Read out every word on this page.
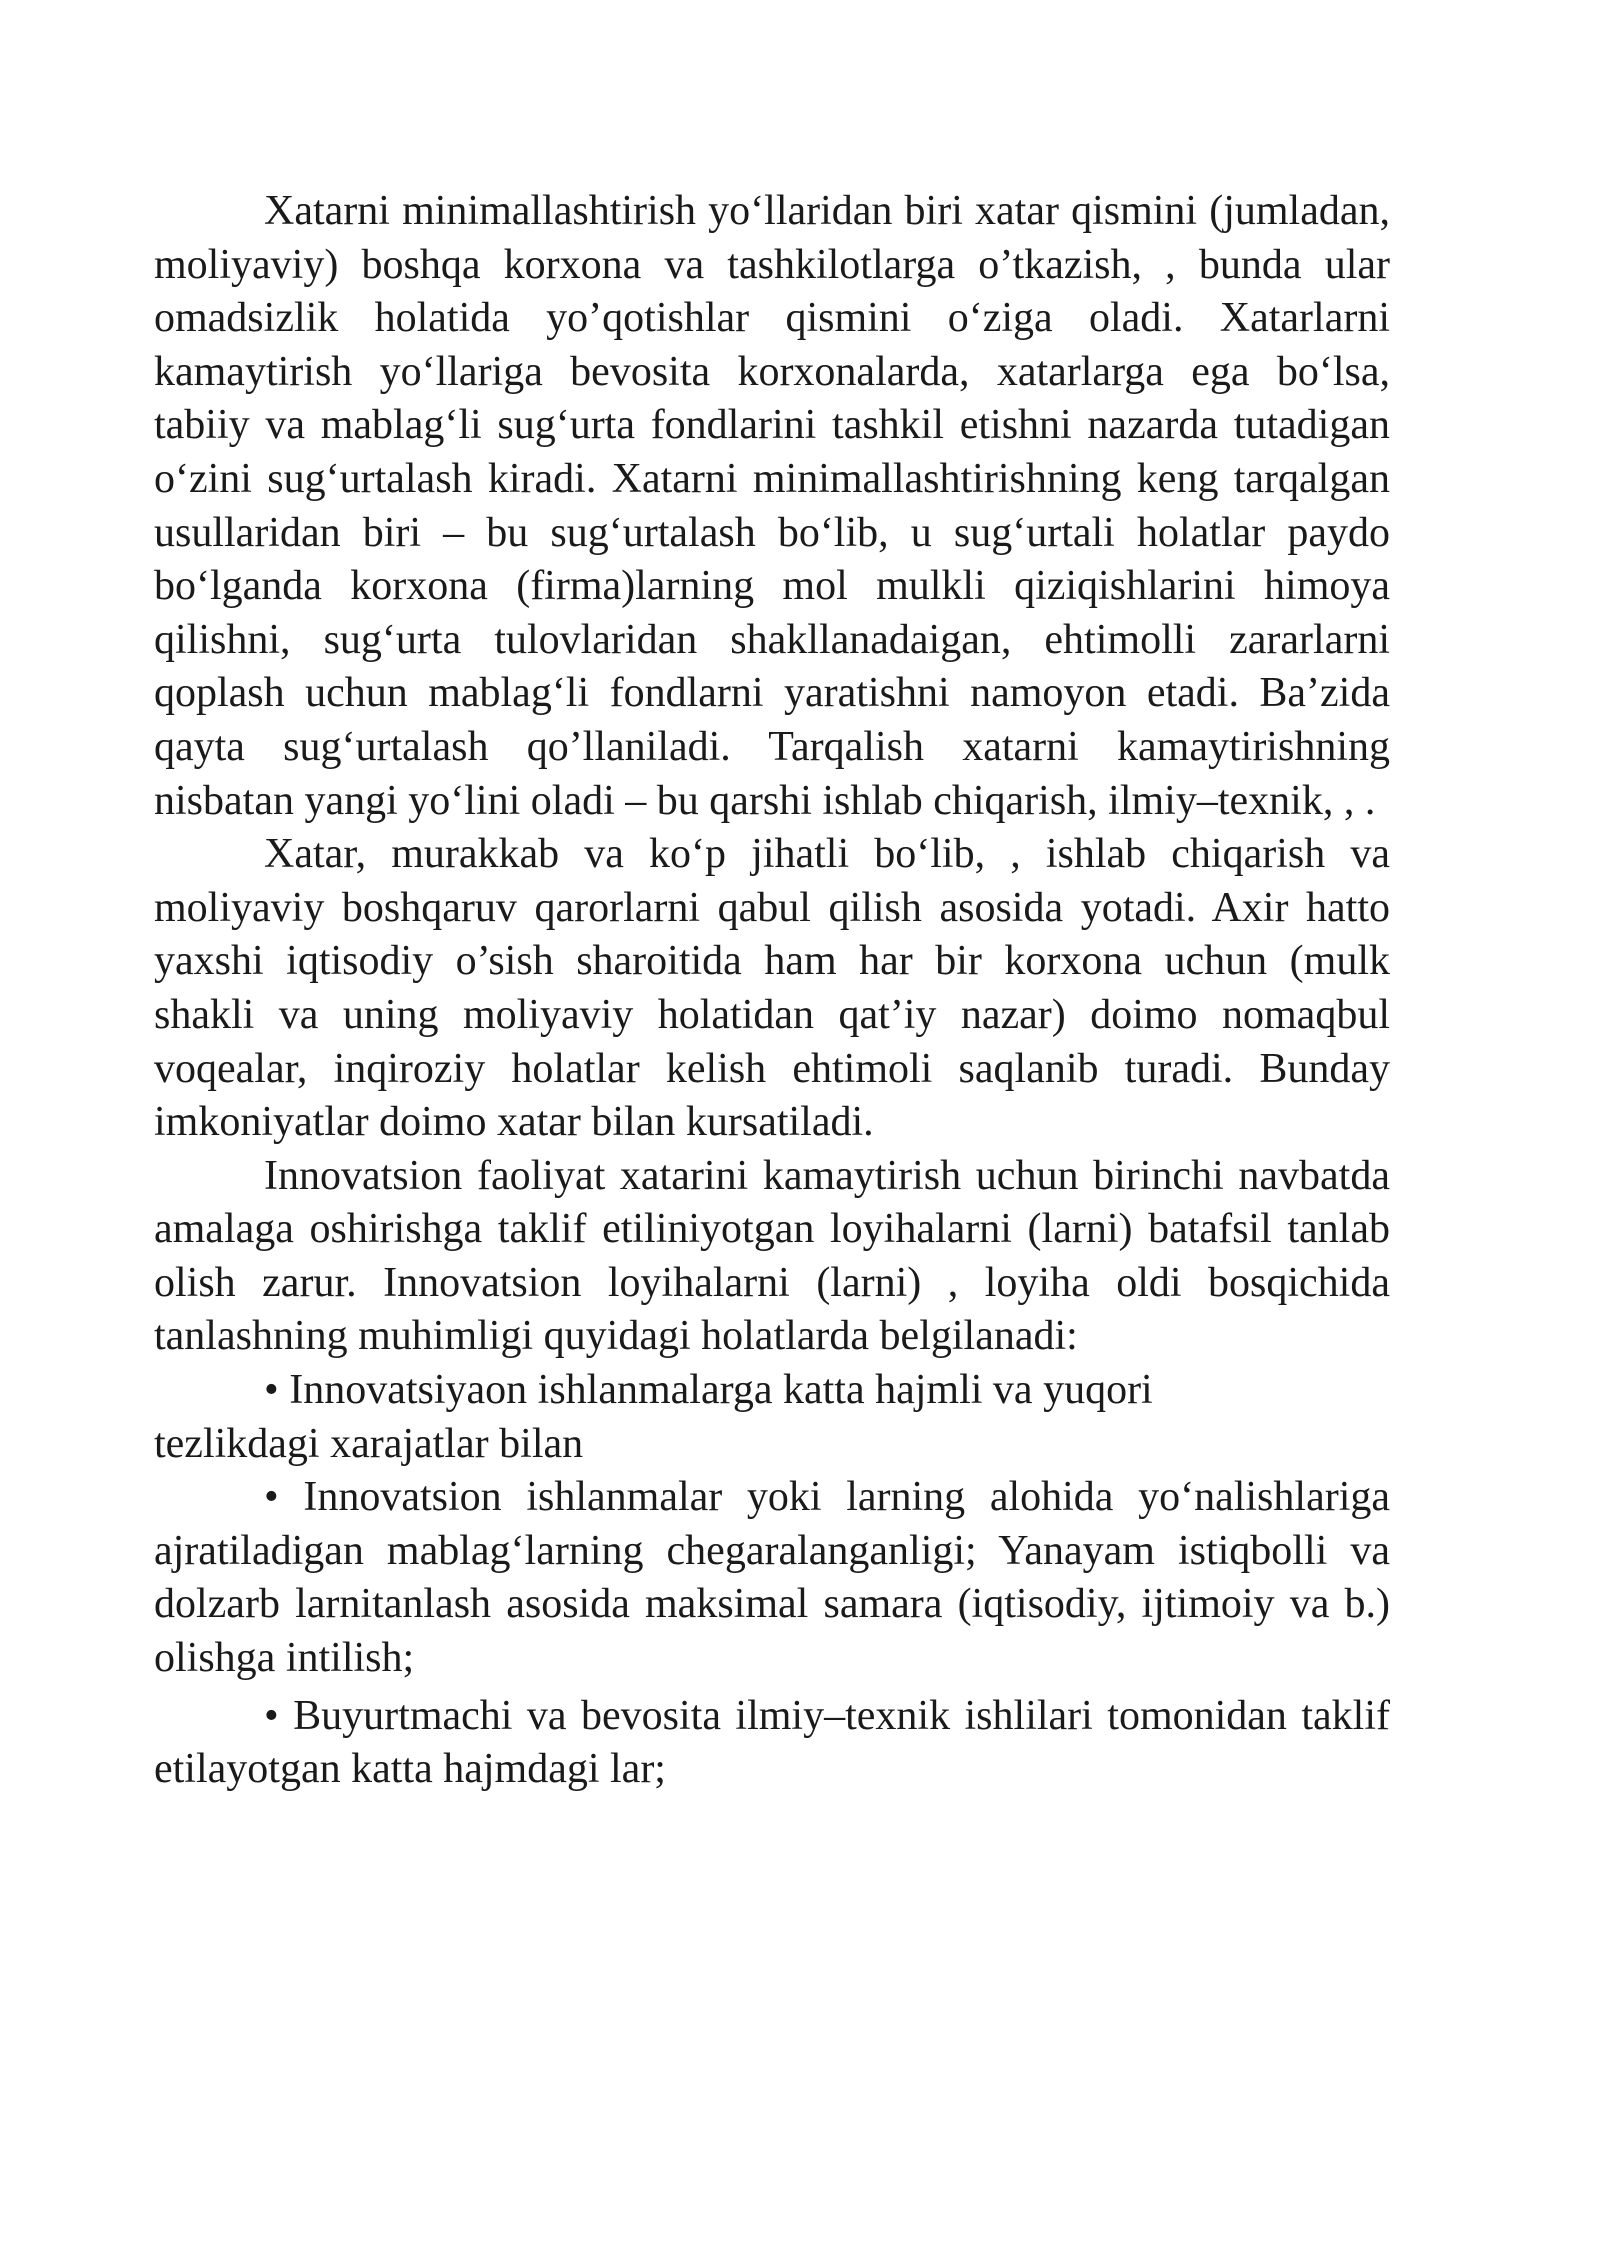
Xatarni minimallashtirish yo‘llaridan biri xatar qismini (jumladan, moliyaviy) boshqa korxona va tashkilotlarga o’tkazish, , bunda ular omadsizlik holatida yo’qotishlar qismini o‘ziga oladi. Xatarlarni kamaytirish yo‘llariga bevosita korxonalarda, xatarlarga ega bo‘lsa, tabiiy va mablag‘li sug‘urta fondlarini tashkil etishni nazarda tutadigan o‘zini sug‘urtalash kiradi. Xatarni minimallashtirishning keng tarqalgan usullaridan biri – bu sug‘urtalash bo‘lib, u sug‘urtali holatlar paydo bo‘lganda korxona (firma)larning mol mulkli qiziqishlarini himoya qilishni, sug‘urta tulovlaridan shakllanadaigan, ehtimolli zararlarni qoplash uchun mablag‘li fondlarni yaratishni namoyon etadi. Ba’zida qayta sug‘urtalash qo’llaniladi. Tarqalish xatarni kamaytirishning nisbatan yangi yo‘lini oladi – bu qarshi ishlab chiqarish, ilmiy–texnik, , .

Xatar, murakkab va ko‘p jihatli bo‘lib, , ishlab chiqarish va moliyaviy boshqaruv qarorlarni qabul qilish asosida yotadi. Axir hatto yaxshi iqtisodiy o’sish sharoitida ham har bir korxona uchun (mulk shakli va uning moliyaviy holatidan qat’iy nazar) doimo nomaqbul voqealar, inqiroziy holatlar kelish ehtimoli saqlanib turadi. Bunday imkoniyatlar doimo xatar bilan kursatiladi.

Innovatsion faoliyat xatarini kamaytirish uchun birinchi navbatda amalaga oshirishga taklif etiliniyotgan loyihalarni (larni) batafsil tanlab olish zarur. Innovatsion loyihalarni (larni) , loyiha oldi bosqichida tanlashning muhimligi quyidagi holatlarda belgilanadi:

• Innovatsiyaon ishlanmalarga katta hajmli va yuqori

tezlikdagi xarajatlar bilan

• Innovatsion ishlanmalar yoki larning alohida yo‘nalishlariga ajratiladigan mablag‘larning chegaralanganligi; Yanayam istiqbolli va dolzarb larnitanlash asosida maksimal samara (iqtisodiy, ijtimoiy va b.) olishga intilish;

• Buyurtmachi va bevosita ilmiy–texnik ishlilari tomonidan taklif etilayotgan katta hajmdagi lar;
